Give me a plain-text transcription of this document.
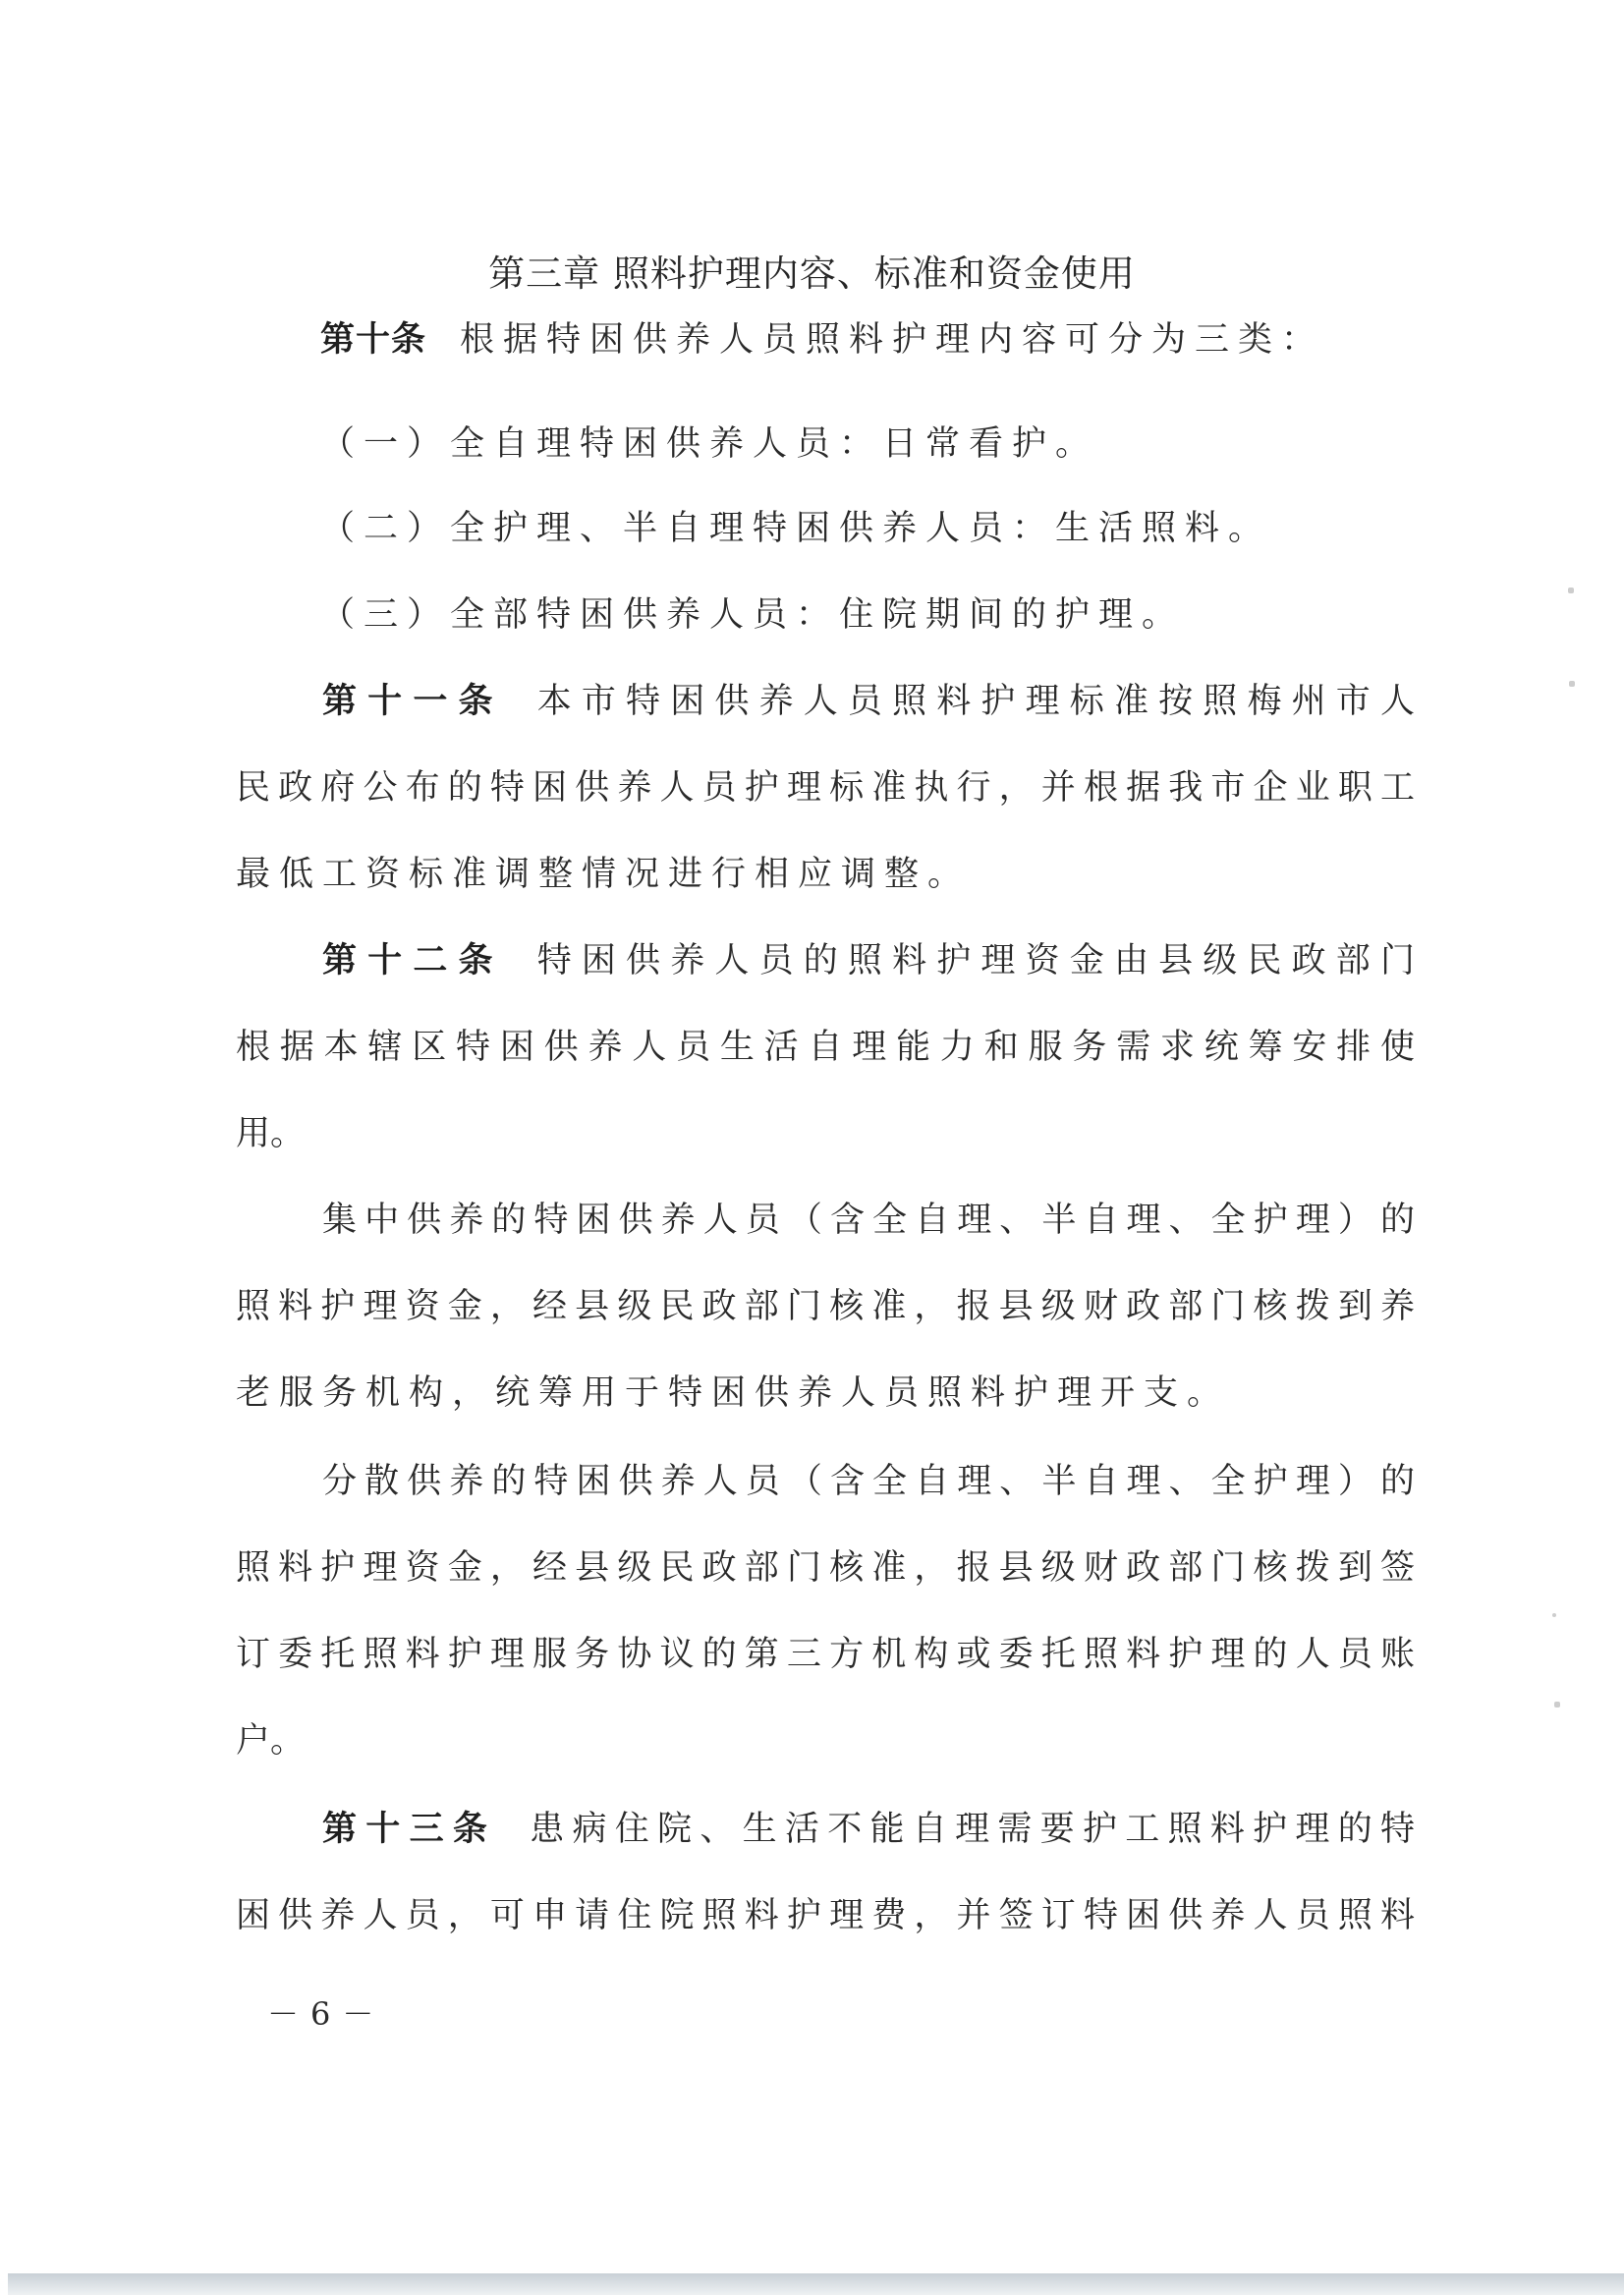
第三章 照料护理内容、标准和资金使用
第十条 根据特困供养人员照料护理内容可分为三类：
（一）全自理特困供养人员：日常看护。
（二）全护理、半自理特困供养人员：生活照料。
（三）全部特困供养人员：住院期间的护理。
第十一条 本市特困供养人员照料护理标准按照梅州市人
民政府公布的特困供养人员护理标准执行，并根据我市企业职工
最低工资标准调整情况进行相应调整。
第十二条 特困供养人员的照料护理资金由县级民政部门
根据本辖区特困供养人员生活自理能力和服务需求统筹安排使
用。
集中供养的特困供养人员（含全自理、半自理、全护理）的
照料护理资金，经县级民政部门核准，报县级财政部门核拨到养
老服务机构，统筹用于特困供养人员照料护理开支。
分散供养的特困供养人员（含全自理、半自理、全护理）的
照料护理资金，经县级民政部门核准，报县级财政部门核拨到签
订委托照料护理服务协议的第三方机构或委托照料护理的人员账
户。
第十三条 患病住院、生活不能自理需要护工照料护理的特
困供养人员，可申请住院照料护理费，并签订特困供养人员照料
－6－
